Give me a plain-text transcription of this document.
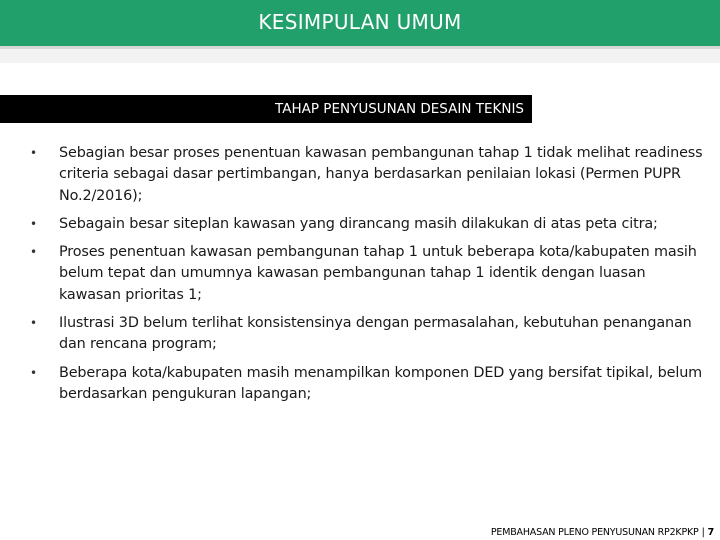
KESIMPULAN UMUM
TAHAP PENYUSUNAN DESAIN TEKNIS
• Sebagian besar proses penentuan kawasan pembangunan tahap 1 tidak melihat readiness criteria sebagai dasar pertimbangan, hanya berdasarkan penilaian lokasi (Permen PUPR No.2/2016);
• Sebagain besar siteplan kawasan yang dirancang masih dilakukan di atas peta citra;
• Proses penentuan kawasan pembangunan tahap 1 untuk beberapa kota/kabupaten masih belum tepat dan umumnya kawasan pembangunan tahap 1 identik dengan luasan kawasan prioritas 1;
• Ilustrasi 3D belum terlihat konsistensinya dengan permasalahan, kebutuhan penanganan dan rencana program;
• Beberapa kota/kabupaten masih menampilkan komponen DED yang bersifat tipikal, belum berdasarkan pengukuran lapangan;
PEMBAHASAN PLENO PENYUSUNAN RP2KPKP | 7
